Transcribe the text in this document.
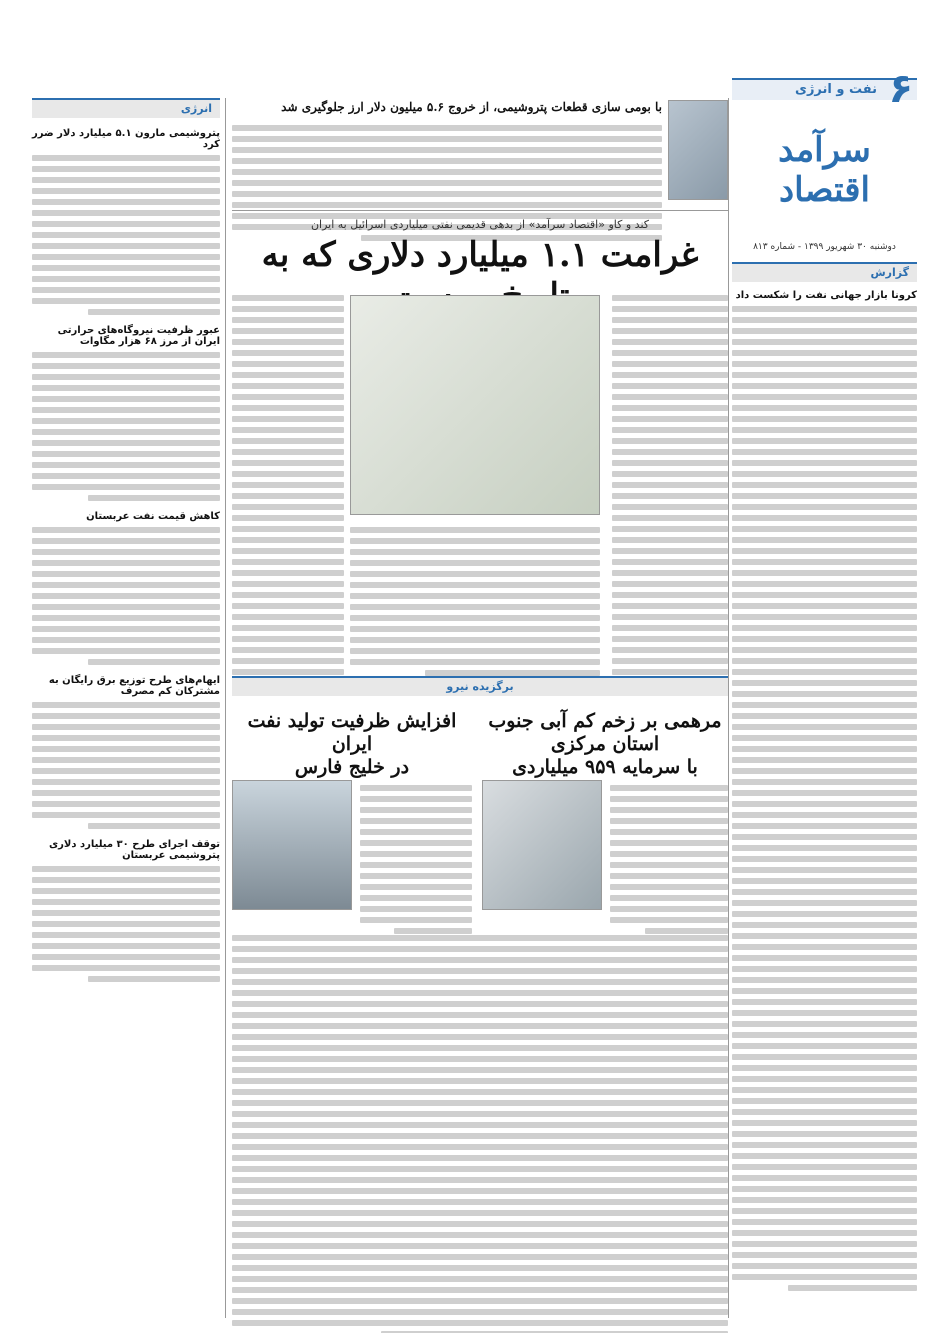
۶
نفت و انرژی
سرآمد اقتصاد
دوشنبه ۳۰ شهریور ۱۳۹۹ - شماره ۸۱۳
انرژی
پتروشیمی مارون ۵.۱ میلیارد دلار ضرر کرد
عبور ظرفیت نیروگاه‌های حرارتی ایران از مرز ۶۸ هزار مگاوات
کاهش قیمت نفت عربستان
ایهام‌های طرح توزیع برق رایگان به مشترکان کم مصرف
توقف اجرای طرح ۳۰ میلیارد دلاری پتروشیمی عربستان
گزارش
کرونا بازار جهانی نفت را شکست داد
با بومی سازی قطعات پتروشیمی، از خروج ۵.۶ میلیون دلار ارز جلوگیری شد
کند و کاو «اقتصاد سرآمد» از بدهی قدیمی نفتی میلیاردی اسرائیل به ایران
غرامت ۱.۱ میلیارد دلاری که به
برگزیده نیرو
مرهمی بر زخم کم آبی جنوب استان مرکزی
با سرمایه ۹۵۹ میلیاردی
افزایش ظرفیت تولید نفت ایران
در خلیج فارس
